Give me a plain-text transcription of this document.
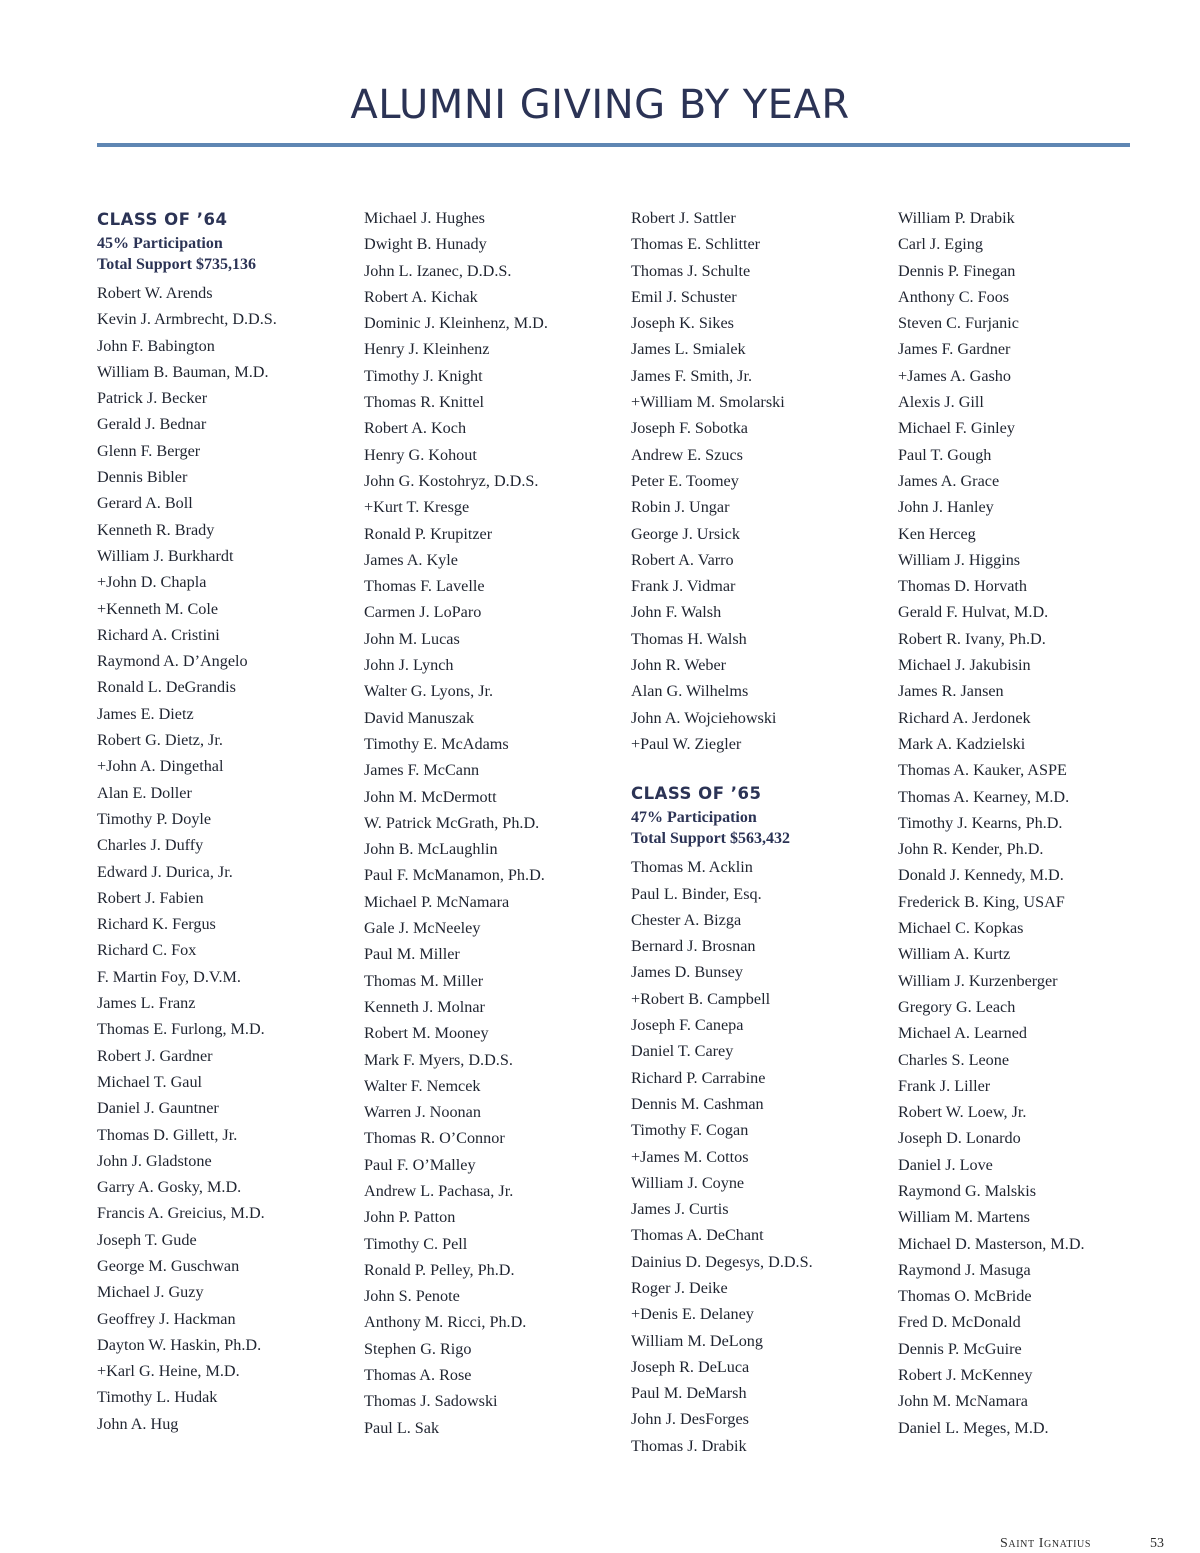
ALUMNI GIVING BY YEAR
CLASS OF ’64
45% Participation
Total Support $735,136
Robert W. Arends
Kevin J. Armbrecht, D.D.S.
John F. Babington
William B. Bauman, M.D.
Patrick J. Becker
Gerald J. Bednar
Glenn F. Berger
Dennis Bibler
Gerard A. Boll
Kenneth R. Brady
William J. Burkhardt
+John D. Chapla
+Kenneth M. Cole
Richard A. Cristini
Raymond A. D’Angelo
Ronald L. DeGrandis
James E. Dietz
Robert G. Dietz, Jr.
+John A. Dingethal
Alan E. Doller
Timothy P. Doyle
Charles J. Duffy
Edward J. Durica, Jr.
Robert J. Fabien
Richard K. Fergus
Richard C. Fox
F. Martin Foy, D.V.M.
James L. Franz
Thomas E. Furlong, M.D.
Robert J. Gardner
Michael T. Gaul
Daniel J. Gauntner
Thomas D. Gillett, Jr.
John J. Gladstone
Garry A. Gosky, M.D.
Francis A. Greicius, M.D.
Joseph T. Gude
George M. Guschwan
Michael J. Guzy
Geoffrey J. Hackman
Dayton W. Haskin, Ph.D.
+Karl G. Heine, M.D.
Timothy L. Hudak
John A. Hug
Michael J. Hughes
Dwight B. Hunady
John L. Izanec, D.D.S.
Robert A. Kichak
Dominic J. Kleinhenz, M.D.
Henry J. Kleinhenz
Timothy J. Knight
Thomas R. Knittel
Robert A. Koch
Henry G. Kohout
John G. Kostohryz, D.D.S.
+Kurt T. Kresge
Ronald P. Krupitzer
James A. Kyle
Thomas F. Lavelle
Carmen J. LoParo
John M. Lucas
John J. Lynch
Walter G. Lyons, Jr.
David Manuszak
Timothy E. McAdams
James F. McCann
John M. McDermott
W. Patrick McGrath, Ph.D.
John B. McLaughlin
Paul F. McManamon, Ph.D.
Michael P. McNamara
Gale J. McNeeley
Paul M. Miller
Thomas M. Miller
Kenneth J. Molnar
Robert M. Mooney
Mark F. Myers, D.D.S.
Walter F. Nemcek
Warren J. Noonan
Thomas R. O’Connor
Paul F. O’Malley
Andrew L. Pachasa, Jr.
John P. Patton
Timothy C. Pell
Ronald P. Pelley, Ph.D.
John S. Penote
Anthony M. Ricci, Ph.D.
Stephen G. Rigo
Thomas A. Rose
Thomas J. Sadowski
Paul L. Sak
Robert J. Sattler
Thomas E. Schlitter
Thomas J. Schulte
Emil J. Schuster
Joseph K. Sikes
James L. Smialek
James F. Smith, Jr.
+William M. Smolarski
Joseph F. Sobotka
Andrew E. Szucs
Peter E. Toomey
Robin J. Ungar
George J. Ursick
Robert A. Varro
Frank J. Vidmar
John F. Walsh
Thomas H. Walsh
John R. Weber
Alan G. Wilhelms
John A. Wojciehowski
+Paul W. Ziegler
CLASS OF ’65
47% Participation
Total Support $563,432
Thomas M. Acklin
Paul L. Binder, Esq.
Chester A. Bizga
Bernard J. Brosnan
James D. Bunsey
+Robert B. Campbell
Joseph F. Canepa
Daniel T. Carey
Richard P. Carrabine
Dennis M. Cashman
Timothy F. Cogan
+James M. Cottos
William J. Coyne
James J. Curtis
Thomas A. DeChant
Dainius D. Degesys, D.D.S.
Roger J. Deike
+Denis E. Delaney
William M. DeLong
Joseph R. DeLuca
Paul M. DeMarsh
John J. DesForges
Thomas J. Drabik
William P. Drabik
Carl J. Eging
Dennis P. Finegan
Anthony C. Foos
Steven C. Furjanic
James F. Gardner
+James A. Gasho
Alexis J. Gill
Michael F. Ginley
Paul T. Gough
James A. Grace
John J. Hanley
Ken Herceg
William J. Higgins
Thomas D. Horvath
Gerald F. Hulvat, M.D.
Robert R. Ivany, Ph.D.
Michael J. Jakubisin
James R. Jansen
Richard A. Jerdonek
Mark A. Kadzielski
Thomas A. Kauker, ASPE
Thomas A. Kearney, M.D.
Timothy J. Kearns, Ph.D.
John R. Kender, Ph.D.
Donald J. Kennedy, M.D.
Frederick B. King, USAF
Michael C. Kopkas
William A. Kurtz
William J. Kurzenberger
Gregory G. Leach
Michael A. Learned
Charles S. Leone
Frank J. Liller
Robert W. Loew, Jr.
Joseph D. Lonardo
Daniel J. Love
Raymond G. Malskis
William M. Martens
Michael D. Masterson, M.D.
Raymond J. Masuga
Thomas O. McBride
Fred D. McDonald
Dennis P. McGuire
Robert J. McKenney
John M. McNamara
Daniel L. Meges, M.D.
Saint Ignatius	53
